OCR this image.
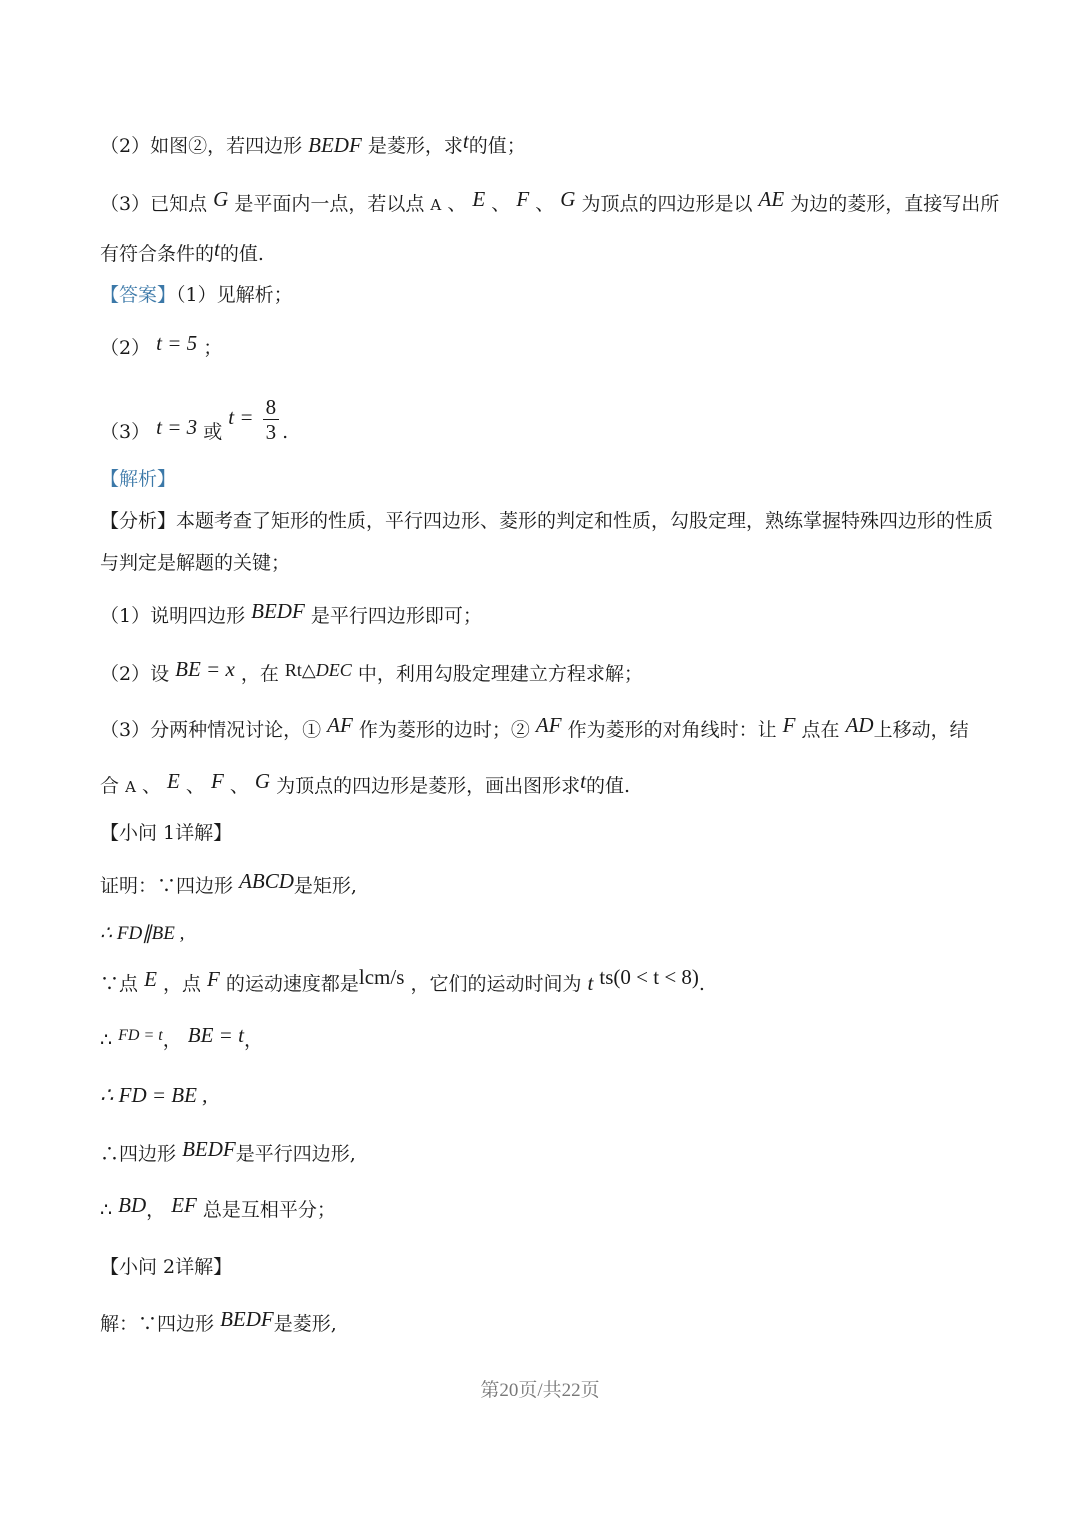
（2）如图②，若四边形 BEDF 是菱形，求t的值；
（3）已知点 G 是平面内一点，若以点 A 、 E 、 F 、 G 为顶点的四边形是以 AE 为边的菱形，直接写出所
有符合条件的t的值.
【答案】（1）见解析；
（2） t = 5 ；
（3） t = 3 或 $t = \frac{8}{3}$ .
【解析】
【分析】本题考查了矩形的性质，平行四边形、菱形的判定和性质，勾股定理，熟练掌握特殊四边形的性质
与判定是解题的关键；
（1）说明四边形 BEDF 是平行四边形即可；
（2）设 BE = x ，在 Rt△DEC 中，利用勾股定理建立方程求解；
（3）分两种情况讨论，① AF 作为菱形的边时；② AF 作为菱形的对角线时：让 F 点在 AD上移动，结
合 A 、 E 、 F 、 G 为顶点的四边形是菱形，画出图形求t的值.
【小问 1详解】
证明：∵四边形 ABCD是矩形,
∴ FD∥BE ,
∵点 E ，点 F 的运动速度都是lcm/s ，它们的运动时间为 t ts(0 < t < 8).
∴ $^{FD = t}$， BE = t，
∴ FD = BE ,
∴四边形 BEDF是平行四边形,
∴ BD， EF 总是互相平分；
【小问 2详解】
解：∵四边形 BEDF是菱形,
第20页/共22页
